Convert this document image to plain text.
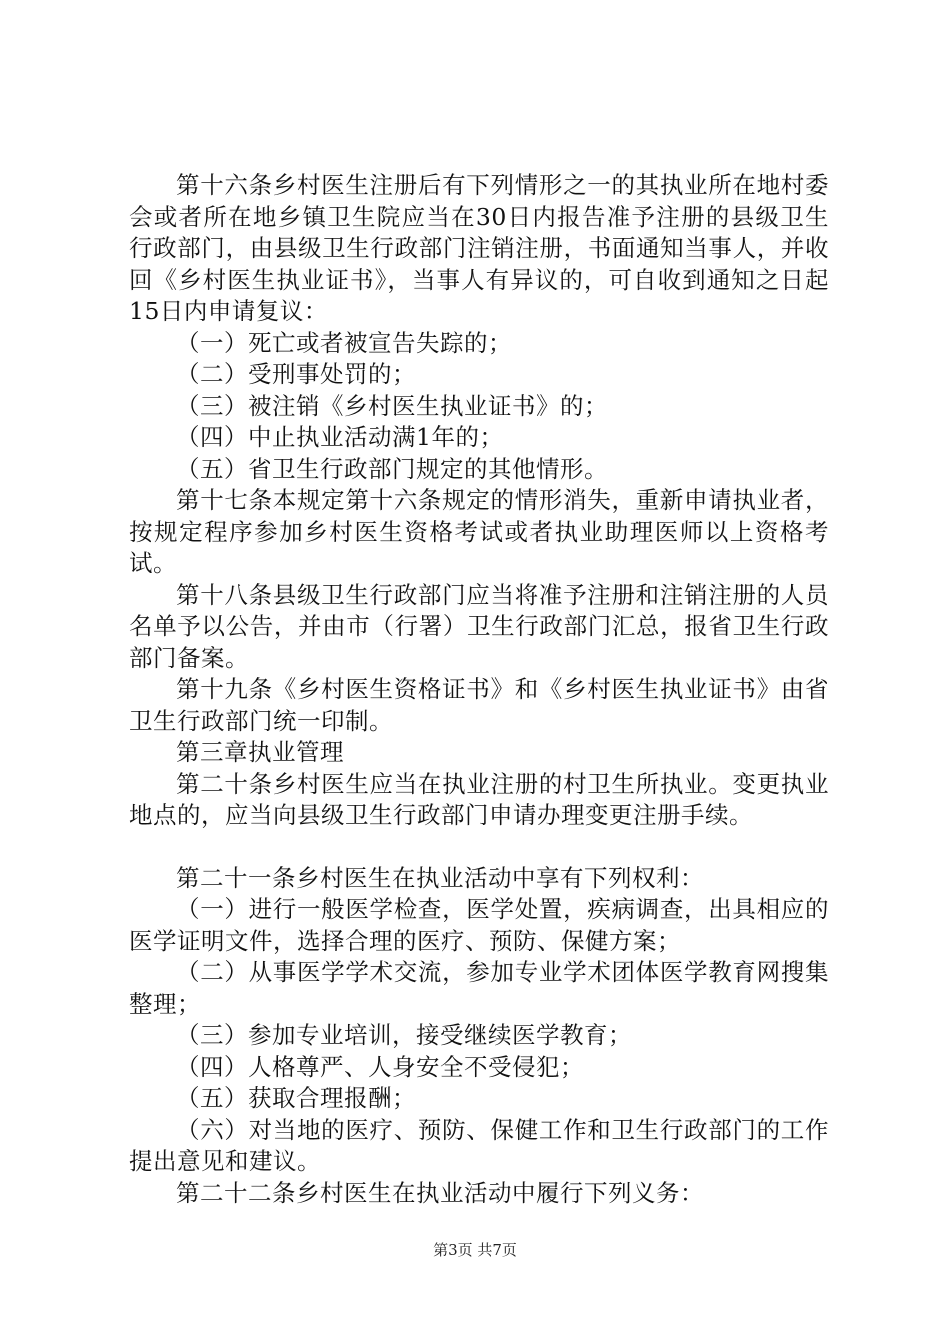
第十六条乡村医生注册后有下列情形之一的其执业所在地村委会或者所在地乡镇卫生院应当在30日内报告准予注册的县级卫生行政部门，由县级卫生行政部门注销注册，书面通知当事人，并收回《乡村医生执业证书》，当事人有异议的，可自收到通知之日起15日内申请复议：

（一）死亡或者被宣告失踪的；

（二）受刑事处罚的；

（三）被注销《乡村医生执业证书》的；

（四）中止执业活动满1年的；

（五）省卫生行政部门规定的其他情形。

第十七条本规定第十六条规定的情形消失，重新申请执业者，按规定程序参加乡村医生资格考试或者执业助理医师以上资格考试。

第十八条县级卫生行政部门应当将准予注册和注销注册的人员名单予以公告，并由市（行署）卫生行政部门汇总，报省卫生行政部门备案。

第十九条《乡村医生资格证书》和《乡村医生执业证书》由省卫生行政部门统一印制。

第三章执业管理

第二十条乡村医生应当在执业注册的村卫生所执业。变更执业地点的，应当向县级卫生行政部门申请办理变更注册手续。

第二十一条乡村医生在执业活动中享有下列权利：

（一）进行一般医学检查，医学处置，疾病调查，出具相应的医学证明文件，选择合理的医疗、预防、保健方案；

（二）从事医学学术交流，参加专业学术团体医学教育网搜集整理；

（三）参加专业培训，接受继续医学教育；

（四）人格尊严、人身安全不受侵犯；

（五）获取合理报酬；

（六）对当地的医疗、预防、保健工作和卫生行政部门的工作提出意见和建议。

第二十二条乡村医生在执业活动中履行下列义务：

第3页 共7页
